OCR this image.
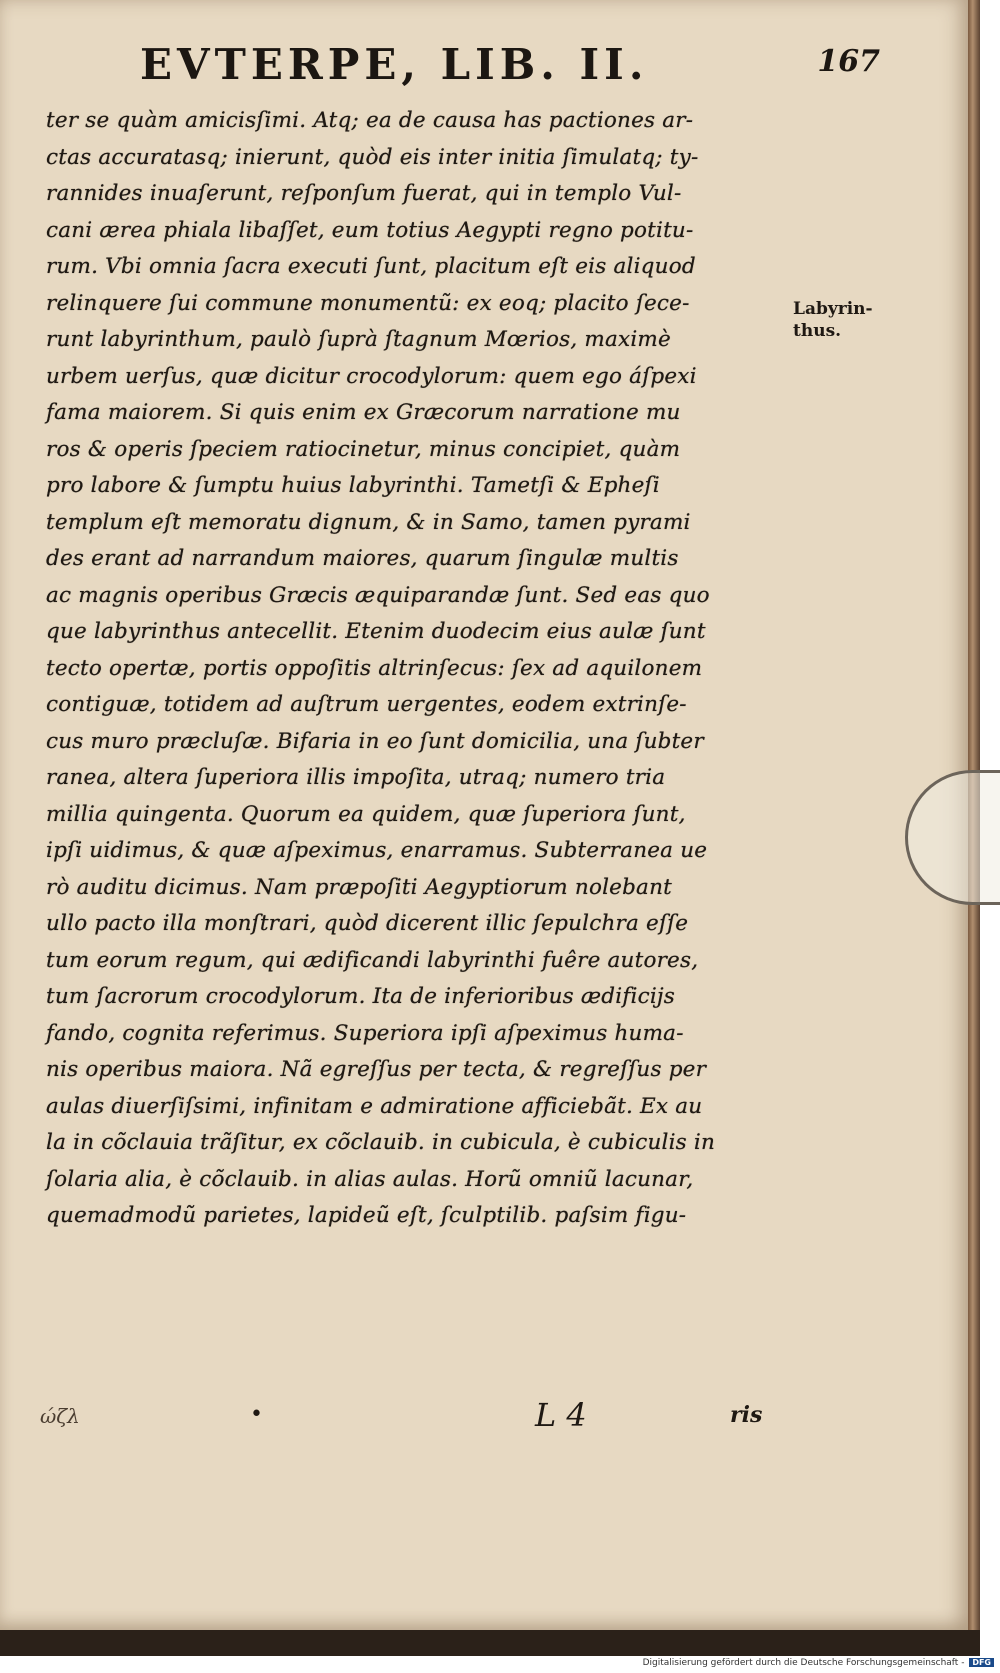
EVTERPE, LIB. II.	167
ter se quàm amicisſimi. Atq; ea de causa has pactiones ar-
ctas accuratasq; inierunt, quòd eis inter initia ſimulatq; ty-
rannides inuaſerunt, reſponſum fuerat, qui in templo Vul-
cani ærea phiala libaſſet, eum totius Aegypti regno potitu-
rum. Vbi omnia ſacra executi ſunt, placitum eſt eis aliquod
relinquere ſui commune monumentũ: ex eoq; placito ſece-
runt labyrinthum, paulò ſuprà ſtagnum Mœrios, maximè
urbem uerſus, quæ dicitur crocodylorum: quem ego áſpexi
fama maiorem. Si quis enim ex Græcorum narratione mu
ros & operis ſpeciem ratiocinetur, minus concipiet, quàm
pro labore & ſumptu huius labyrinthi. Tametſi & Epheſi
templum eſt memoratu dignum, & in Samo, tamen pyrami
des erant ad narrandum maiores, quarum ſingulæ multis
ac magnis operibus Græcis æquiparandæ ſunt. Sed eas quo
que labyrinthus antecellit. Etenim duodecim eius aulæ ſunt
tecto opertæ, portis oppoſitis altrinſecus: ſex ad aquilonem
contiguæ, totidem ad auſtrum uergentes, eodem extrinſe-
cus muro præcluſæ. Bifaria in eo ſunt domicilia, una ſubter
ranea, altera ſuperiora illis impoſita, utraq; numero tria
millia quingenta. Quorum ea quidem, quæ ſuperiora ſunt,
ipſi uidimus, & quæ aſpeximus, enarramus. Subterranea ue
rò auditu dicimus. Nam præpoſiti Aegyptiorum nolebant
ullo pacto illa monſtrari, quòd dicerent illic ſepulchra eſſe
tum eorum regum, qui ædificandi labyrinthi fuêre autores,
tum ſacrorum crocodylorum. Ita de inferioribus ædificijs
fando, cognita referimus. Superiora ipſi aſpeximus huma-
nis operibus maiora. Nã egreſſus per tecta, & regreſſus per
aulas diuerſiſsimi, infinitam e admiratione afficiebãt. Ex au
la in cõclauia trãſitur, ex cõclauib. in cubicula, è cubiculis in
ſolaria alia, è cõclauib. in alias aulas. Horũ omniũ lacunar,
quemadmodũ parietes, lapideũ eſt, ſculptilib. paſsim figu-
Labyrin-
thus.
ώζλ	•	L 4	ris
Digitalisierung gefördert durch die Deutsche Forschungsgemeinschaft - DFG
